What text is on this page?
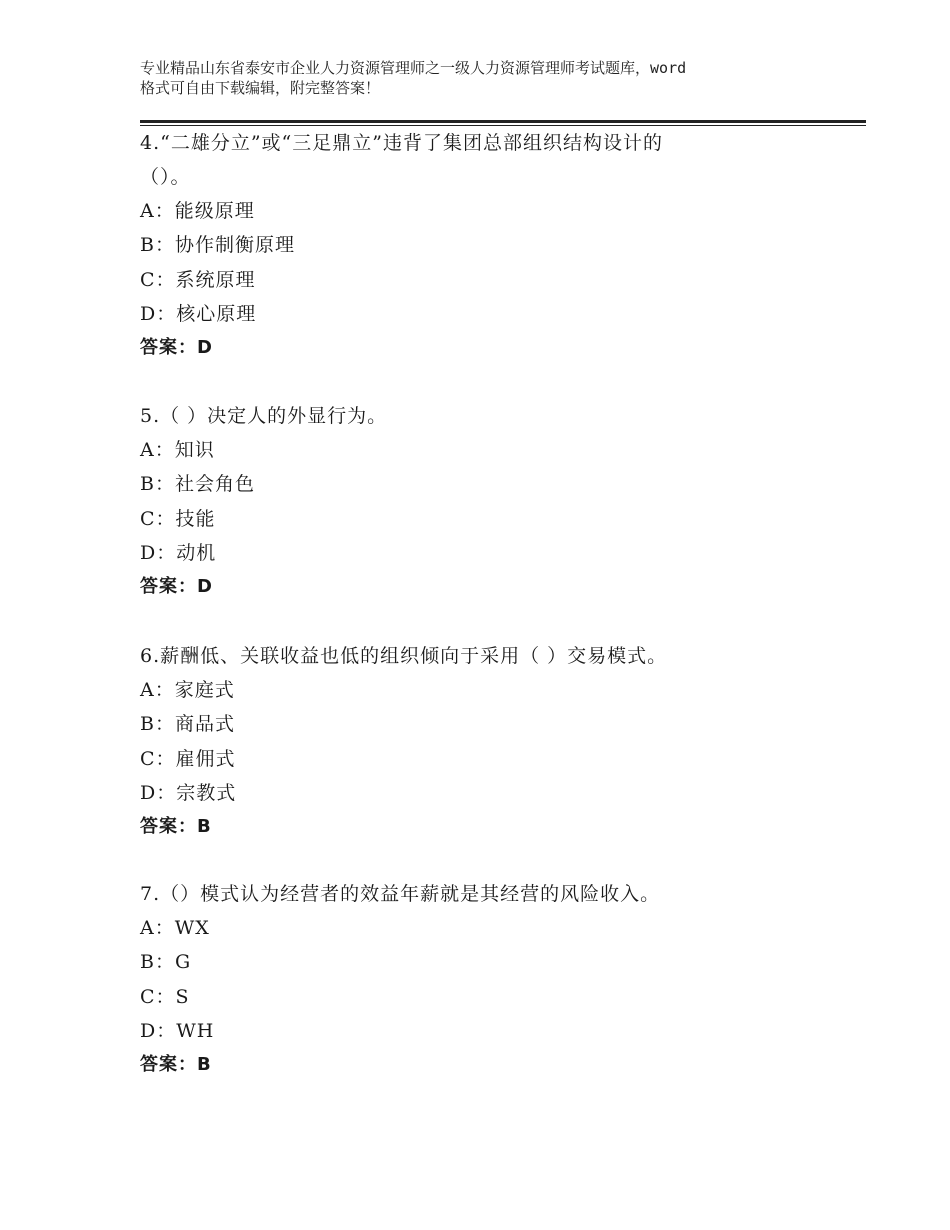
专业精品山东省泰安市企业人力资源管理师之一级人力资源管理师考试题库，word
格式可自由下载编辑，附完整答案！
4.“二雄分立”或“三足鼎立”违背了集团总部组织结构设计的
（）。
A：能级原理
B：协作制衡原理
C：系统原理
D：核心原理
答案：D
5.（ ）决定人的外显行为。
A：知识
B：社会角色
C：技能
D：动机
答案：D
6.薪酬低、关联收益也低的组织倾向于采用（ ）交易模式。
A：家庭式
B：商品式
C：雇佣式
D：宗教式
答案：B
7.（）模式认为经营者的效益年薪就是其经营的风险收入。
A：WX
B：G
C：S
D：WH
答案：B
